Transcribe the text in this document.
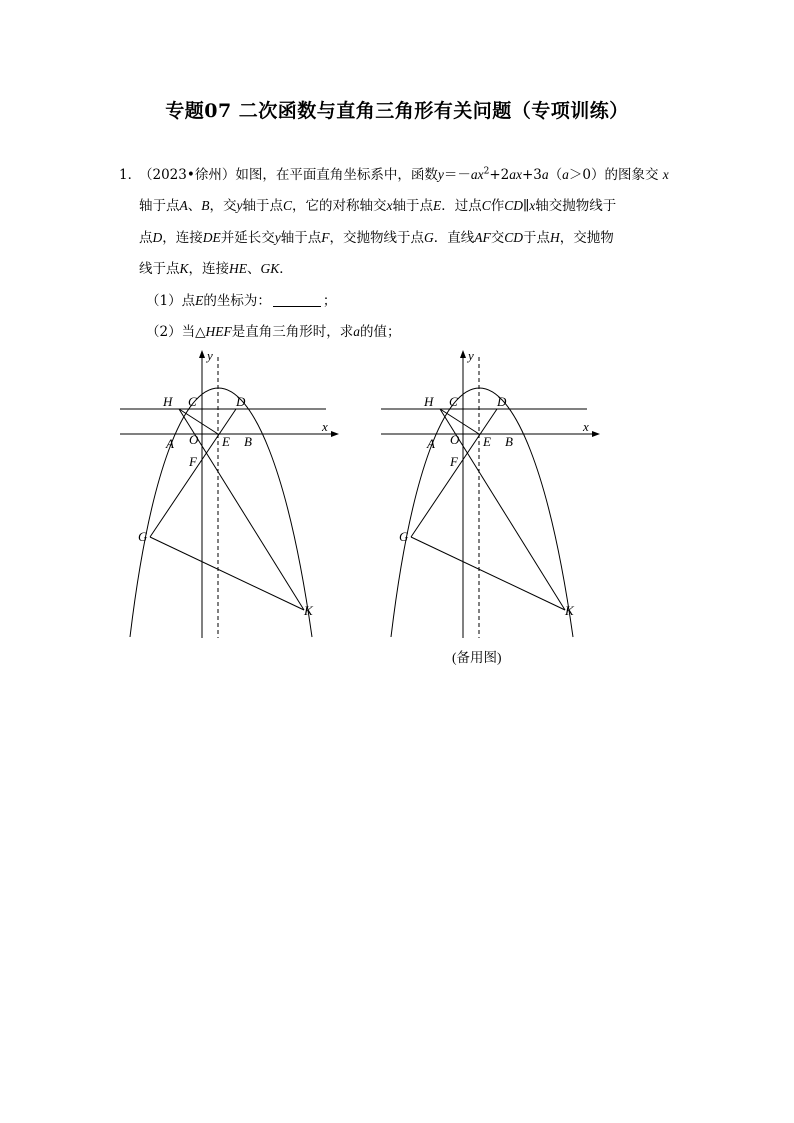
专题07 二次函数与直角三角形有关问题（专项训练）
1．
（2023•徐州）如图，在平面直角坐标系中，函数$y=-ax^2+2ax+3a(a>0)$的图象交 x
轴于点A、B，交y轴于点C，它的对称轴交x轴于点E．过点C作CD∥x轴交抛物线于
点D，连接DE并延长交y轴于点F，交抛物线于点G．直线AF交CD于点H，交抛物
线于点K，连接HE、GK．
（1）点E的坐标为：	；
（2）当△HEF是直角三角形时，求a的值；
x
y
H C	D
A O E B
F
G
K
x
y
H C	D
A O E B
F
G
K
(备用图)
